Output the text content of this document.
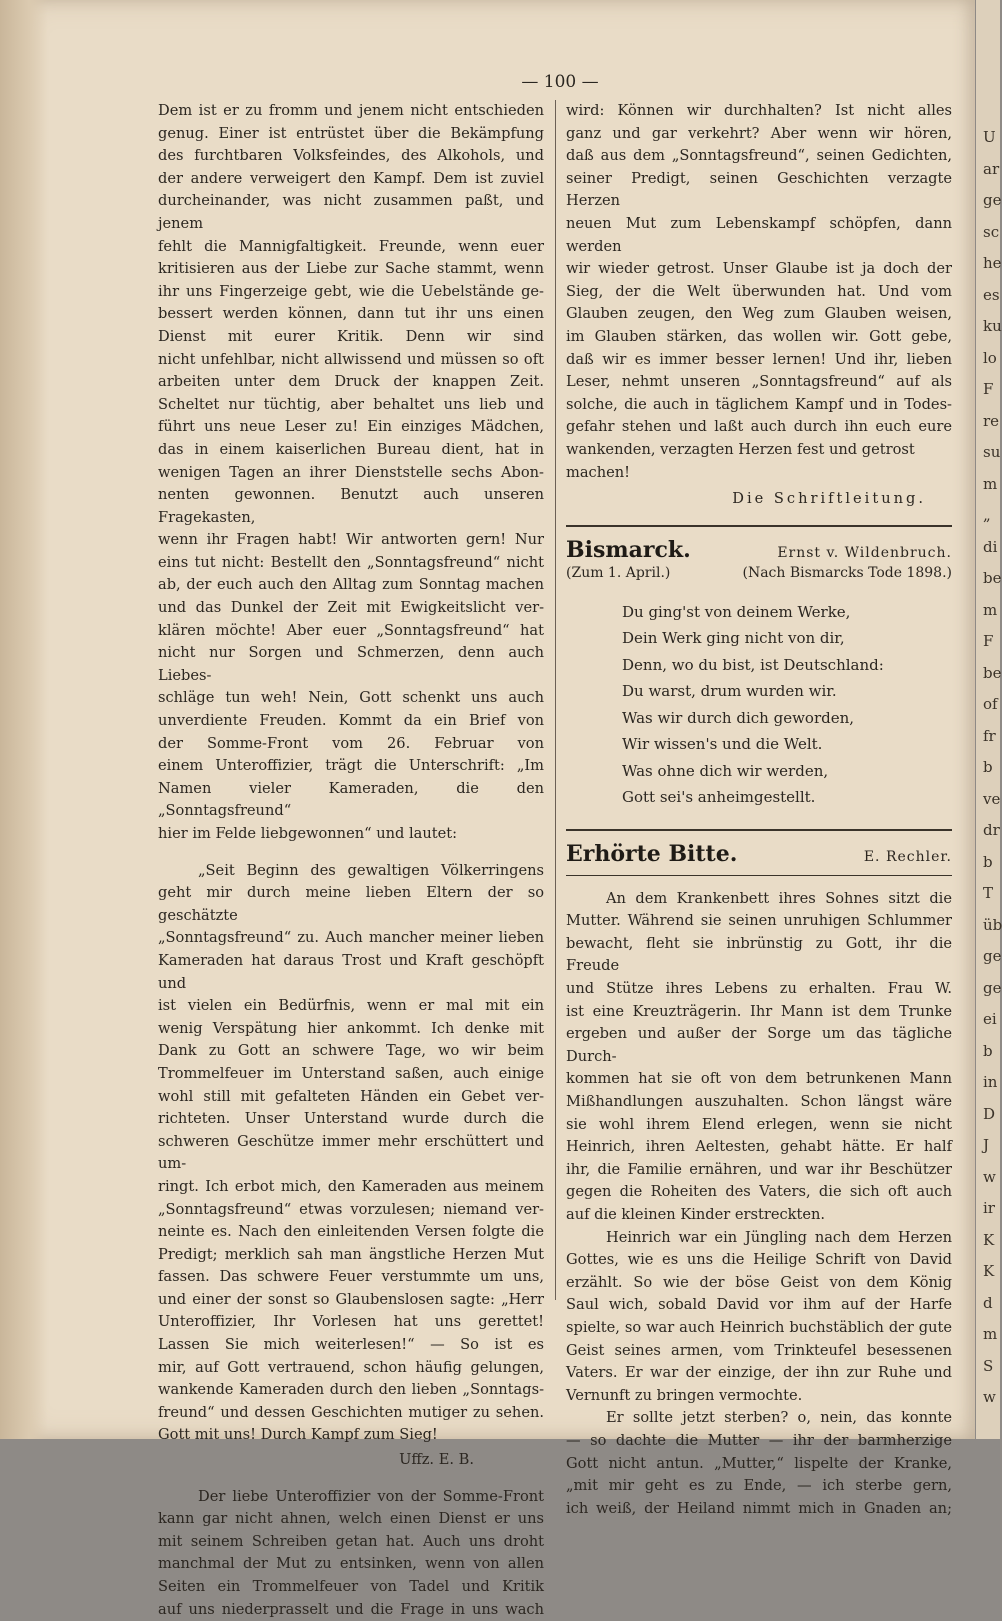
— 100 —

Dem ist er zu fromm und jenem nicht entschieden

genug. Einer ist entrüstet über die Bekämpfung

des furchtbaren Volksfeindes, des Alkohols, und

der andere verweigert den Kampf. Dem ist zuviel

durcheinander, was nicht zusammen paßt, und jenem

fehlt die Mannigfaltigkeit. Freunde, wenn euer

kritisieren aus der Liebe zur Sache stammt, wenn

ihr uns Fingerzeige gebt, wie die Uebelstände ge-

bessert werden können, dann tut ihr uns einen

Dienst mit eurer Kritik. Denn wir sind

nicht unfehlbar, nicht allwissend und müssen so oft

arbeiten unter dem Druck der knappen Zeit.

Scheltet nur tüchtig, aber behaltet uns lieb und

führt uns neue Leser zu! Ein einziges Mädchen,

das in einem kaiserlichen Bureau dient, hat in

wenigen Tagen an ihrer Dienststelle sechs Abon-

nenten gewonnen. Benutzt auch unseren Fragekasten,

wenn ihr Fragen habt! Wir antworten gern! Nur

eins tut nicht: Bestellt den „Sonntagsfreund“ nicht

ab, der euch auch den Alltag zum Sonntag machen

und das Dunkel der Zeit mit Ewigkeitslicht ver-

klären möchte! Aber euer „Sonntagsfreund“ hat

nicht nur Sorgen und Schmerzen, denn auch Liebes-

schläge tun weh! Nein, Gott schenkt uns auch

unverdiente Freuden. Kommt da ein Brief von

der Somme-Front vom 26. Februar von

einem Unteroffizier, trägt die Unterschrift: „Im

Namen vieler Kameraden, die den „Sonntagsfreund“

hier im Felde liebgewonnen“ und lautet:

„Seit Beginn des gewaltigen Völkerringens

geht mir durch meine lieben Eltern der so geschätzte

„Sonntagsfreund“ zu. Auch mancher meiner lieben

Kameraden hat daraus Trost und Kraft geschöpft und

ist vielen ein Bedürfnis, wenn er mal mit ein

wenig Verspätung hier ankommt. Ich denke mit

Dank zu Gott an schwere Tage, wo wir beim

Trommelfeuer im Unterstand saßen, auch einige

wohl still mit gefalteten Händen ein Gebet ver-

richteten. Unser Unterstand wurde durch die

schweren Geschütze immer mehr erschüttert und um-

ringt. Ich erbot mich, den Kameraden aus meinem

„Sonntagsfreund“ etwas vorzulesen; niemand ver-

neinte es. Nach den einleitenden Versen folgte die

Predigt; merklich sah man ängstliche Herzen Mut

fassen. Das schwere Feuer verstummte um uns,

und einer der sonst so Glaubenslosen sagte: „Herr

Unteroffizier, Ihr Vorlesen hat uns gerettet!

Lassen Sie mich weiterlesen!“ — So ist es

mir, auf Gott vertrauend, schon häufig gelungen,

wankende Kameraden durch den lieben „Sonntags-

freund“ und dessen Geschichten mutiger zu sehen.

Gott mit uns! Durch Kampf zum Sieg!

Uffz. E. B.

Der liebe Unteroffizier von der Somme-Front

kann gar nicht ahnen, welch einen Dienst er uns

mit seinem Schreiben getan hat. Auch uns droht

manchmal der Mut zu entsinken, wenn von allen

Seiten ein Trommelfeuer von Tadel und Kritik

auf uns niederprasselt und die Frage in uns wach

wird: Können wir durchhalten? Ist nicht alles

ganz und gar verkehrt? Aber wenn wir hören,

daß aus dem „Sonntagsfreund“, seinen Gedichten,

seiner Predigt, seinen Geschichten verzagte Herzen

neuen Mut zum Lebenskampf schöpfen, dann werden

wir wieder getrost. Unser Glaube ist ja doch der

Sieg, der die Welt überwunden hat. Und vom

Glauben zeugen, den Weg zum Glauben weisen,

im Glauben stärken, das wollen wir. Gott gebe,

daß wir es immer besser lernen! Und ihr, lieben

Leser, nehmt unseren „Sonntagsfreund“ auf als

solche, die auch in täglichem Kampf und in Todes-

gefahr stehen und laßt auch durch ihn euch eure

wankenden, verzagten Herzen fest und getrost machen!

Die Schriftleitung.

Bismarck.	Ernst v. Wildenbruch.
(Zum 1. April.)	(Nach Bismarcks Tode 1898.)

Du ging'st von deinem Werke,

Dein Werk ging nicht von dir,

Denn, wo du bist, ist Deutschland:

Du warst, drum wurden wir.

Was wir durch dich geworden,

Wir wissen's und die Welt.

Was ohne dich wir werden,

Gott sei's anheimgestellt.

Erhörte Bitte.	E. Rechler.

An dem Krankenbett ihres Sohnes sitzt die

Mutter. Während sie seinen unruhigen Schlummer

bewacht, fleht sie inbrünstig zu Gott, ihr die Freude

und Stütze ihres Lebens zu erhalten. Frau W.

ist eine Kreuzträgerin. Ihr Mann ist dem Trunke

ergeben und außer der Sorge um das tägliche Durch-

kommen hat sie oft von dem betrunkenen Mann

Mißhandlungen auszuhalten. Schon längst wäre

sie wohl ihrem Elend erlegen, wenn sie nicht

Heinrich, ihren Aeltesten, gehabt hätte. Er half

ihr, die Familie ernähren, und war ihr Beschützer

gegen die Roheiten des Vaters, die sich oft auch

auf die kleinen Kinder erstreckten.

Heinrich war ein Jüngling nach dem Herzen

Gottes, wie es uns die Heilige Schrift von David

erzählt. So wie der böse Geist von dem König

Saul wich, sobald David vor ihm auf der Harfe

spielte, so war auch Heinrich buchstäblich der gute

Geist seines armen, vom Trinkteufel besessenen

Vaters. Er war der einzige, der ihn zur Ruhe und

Vernunft zu bringen vermochte.

Er sollte jetzt sterben? o, nein, das konnte

— so dachte die Mutter — ihr der barmherzige

Gott nicht antun. „Mutter,“ lispelte der Kranke,

„mit mir geht es zu Ende, — ich sterbe gern,

ich weiß, der Heiland nimmt mich in Gnaden an;

U
ar
ge
sc
he
es
ku
lo
F
re
su
m
„
di
be
m
F
be
of
fr
b
ve
dr
b
T
üb
ge
ge
ei
b
in
D
J
w
ir
K
K
d
m
S
w
